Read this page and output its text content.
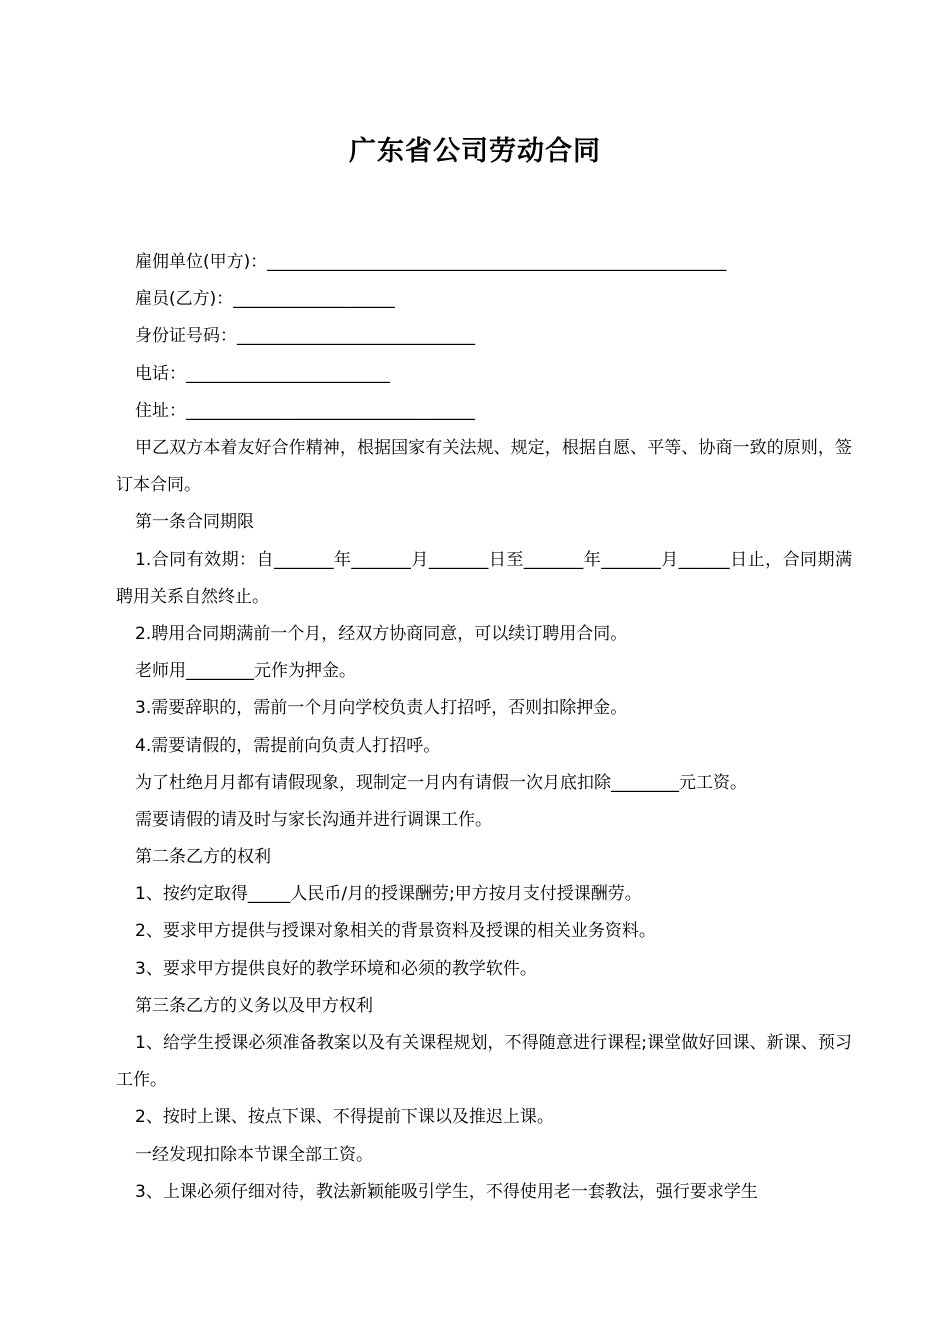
广东省公司劳动合同
雇佣单位(甲方)：______________________________________________________
雇员(乙方)：___________________
身份证号码：____________________________
电话：________________________
住址：__________________________________
甲乙双方本着友好合作精神，根据国家有关法规、规定，根据自愿、平等、协商一致的原则，签订本合同。
第一条合同期限
1.合同有效期：自_______年_______月_______日至_______年_______月______日止，合同期满聘用关系自然终止。
2.聘用合同期满前一个月，经双方协商同意，可以续订聘用合同。
老师用________元作为押金。
3.需要辞职的，需前一个月向学校负责人打招呼，否则扣除押金。
4.需要请假的，需提前向负责人打招呼。
为了杜绝月月都有请假现象，现制定一月内有请假一次月底扣除________元工资。
需要请假的请及时与家长沟通并进行调课工作。
第二条乙方的权利
1、按约定取得_____人民币/月的授课酬劳;甲方按月支付授课酬劳。
2、要求甲方提供与授课对象相关的背景资料及授课的相关业务资料。
3、要求甲方提供良好的教学环境和必须的教学软件。
第三条乙方的义务以及甲方权利
1、给学生授课必须准备教案以及有关课程规划，不得随意进行课程;课堂做好回课、新课、预习工作。
2、按时上课、按点下课、不得提前下课以及推迟上课。
一经发现扣除本节课全部工资。
3、上课必须仔细对待，教法新颖能吸引学生，不得使用老一套教法，强行要求学生
